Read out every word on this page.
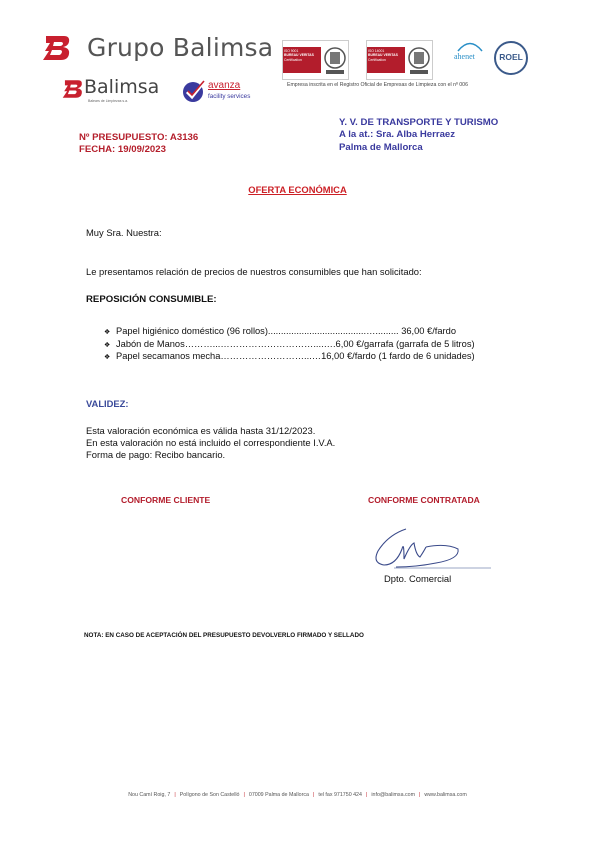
Grupo Balimsa
Balimsa
Balears de Limpiezas s.a.
avanza
facility services
ISO 9001
BUREAU VERITAS
Certification
ISO 14001
BUREAU VERITAS
Certification	ahenet	ROEL
Empresa inscrita en el Registro Oficial de Empresas de Limpieza con el nº 006
Nº PRESUPUESTO: A3136
FECHA: 19/09/2023
Y. V. DE TRANSPORTE Y TURISMO
A la at.: Sra. Alba Herraez
Palma de Mallorca
OFERTA ECONÓMICA
Muy Sra. Nuestra:
Le presentamos relación de precios de nuestros consumibles que han solicitado:
REPOSICIÓN CONSUMIBLE:
❖ Papel higiénico doméstico (96 rollos)......................................…......... 36,00 €/fardo
❖ Jabón de Manos………...…………………………....….6,00 €/garrafa (garrafa de 5 litros)
❖ Papel secamanos mecha………………………...…16,00 €/fardo (1 fardo de 6 unidades)
VALIDEZ:
Esta valoración económica es válida hasta 31/12/2023.
En esta valoración no está incluido el correspondiente I.V.A.
Forma de pago: Recibo bancario.
CONFORME CLIENTE	CONFORME CONTRATADA
Dpto. Comercial
NOTA: EN CASO DE ACEPTACIÓN DEL PRESUPUESTO DEVOLVERLO FIRMADO Y SELLADO
Nou Camí Roig, 7 | Polígono de Son Castelló | 07009 Palma de Mallorca | tel fax 971750 424 | info@balimsa.com | www.balimsa.com
